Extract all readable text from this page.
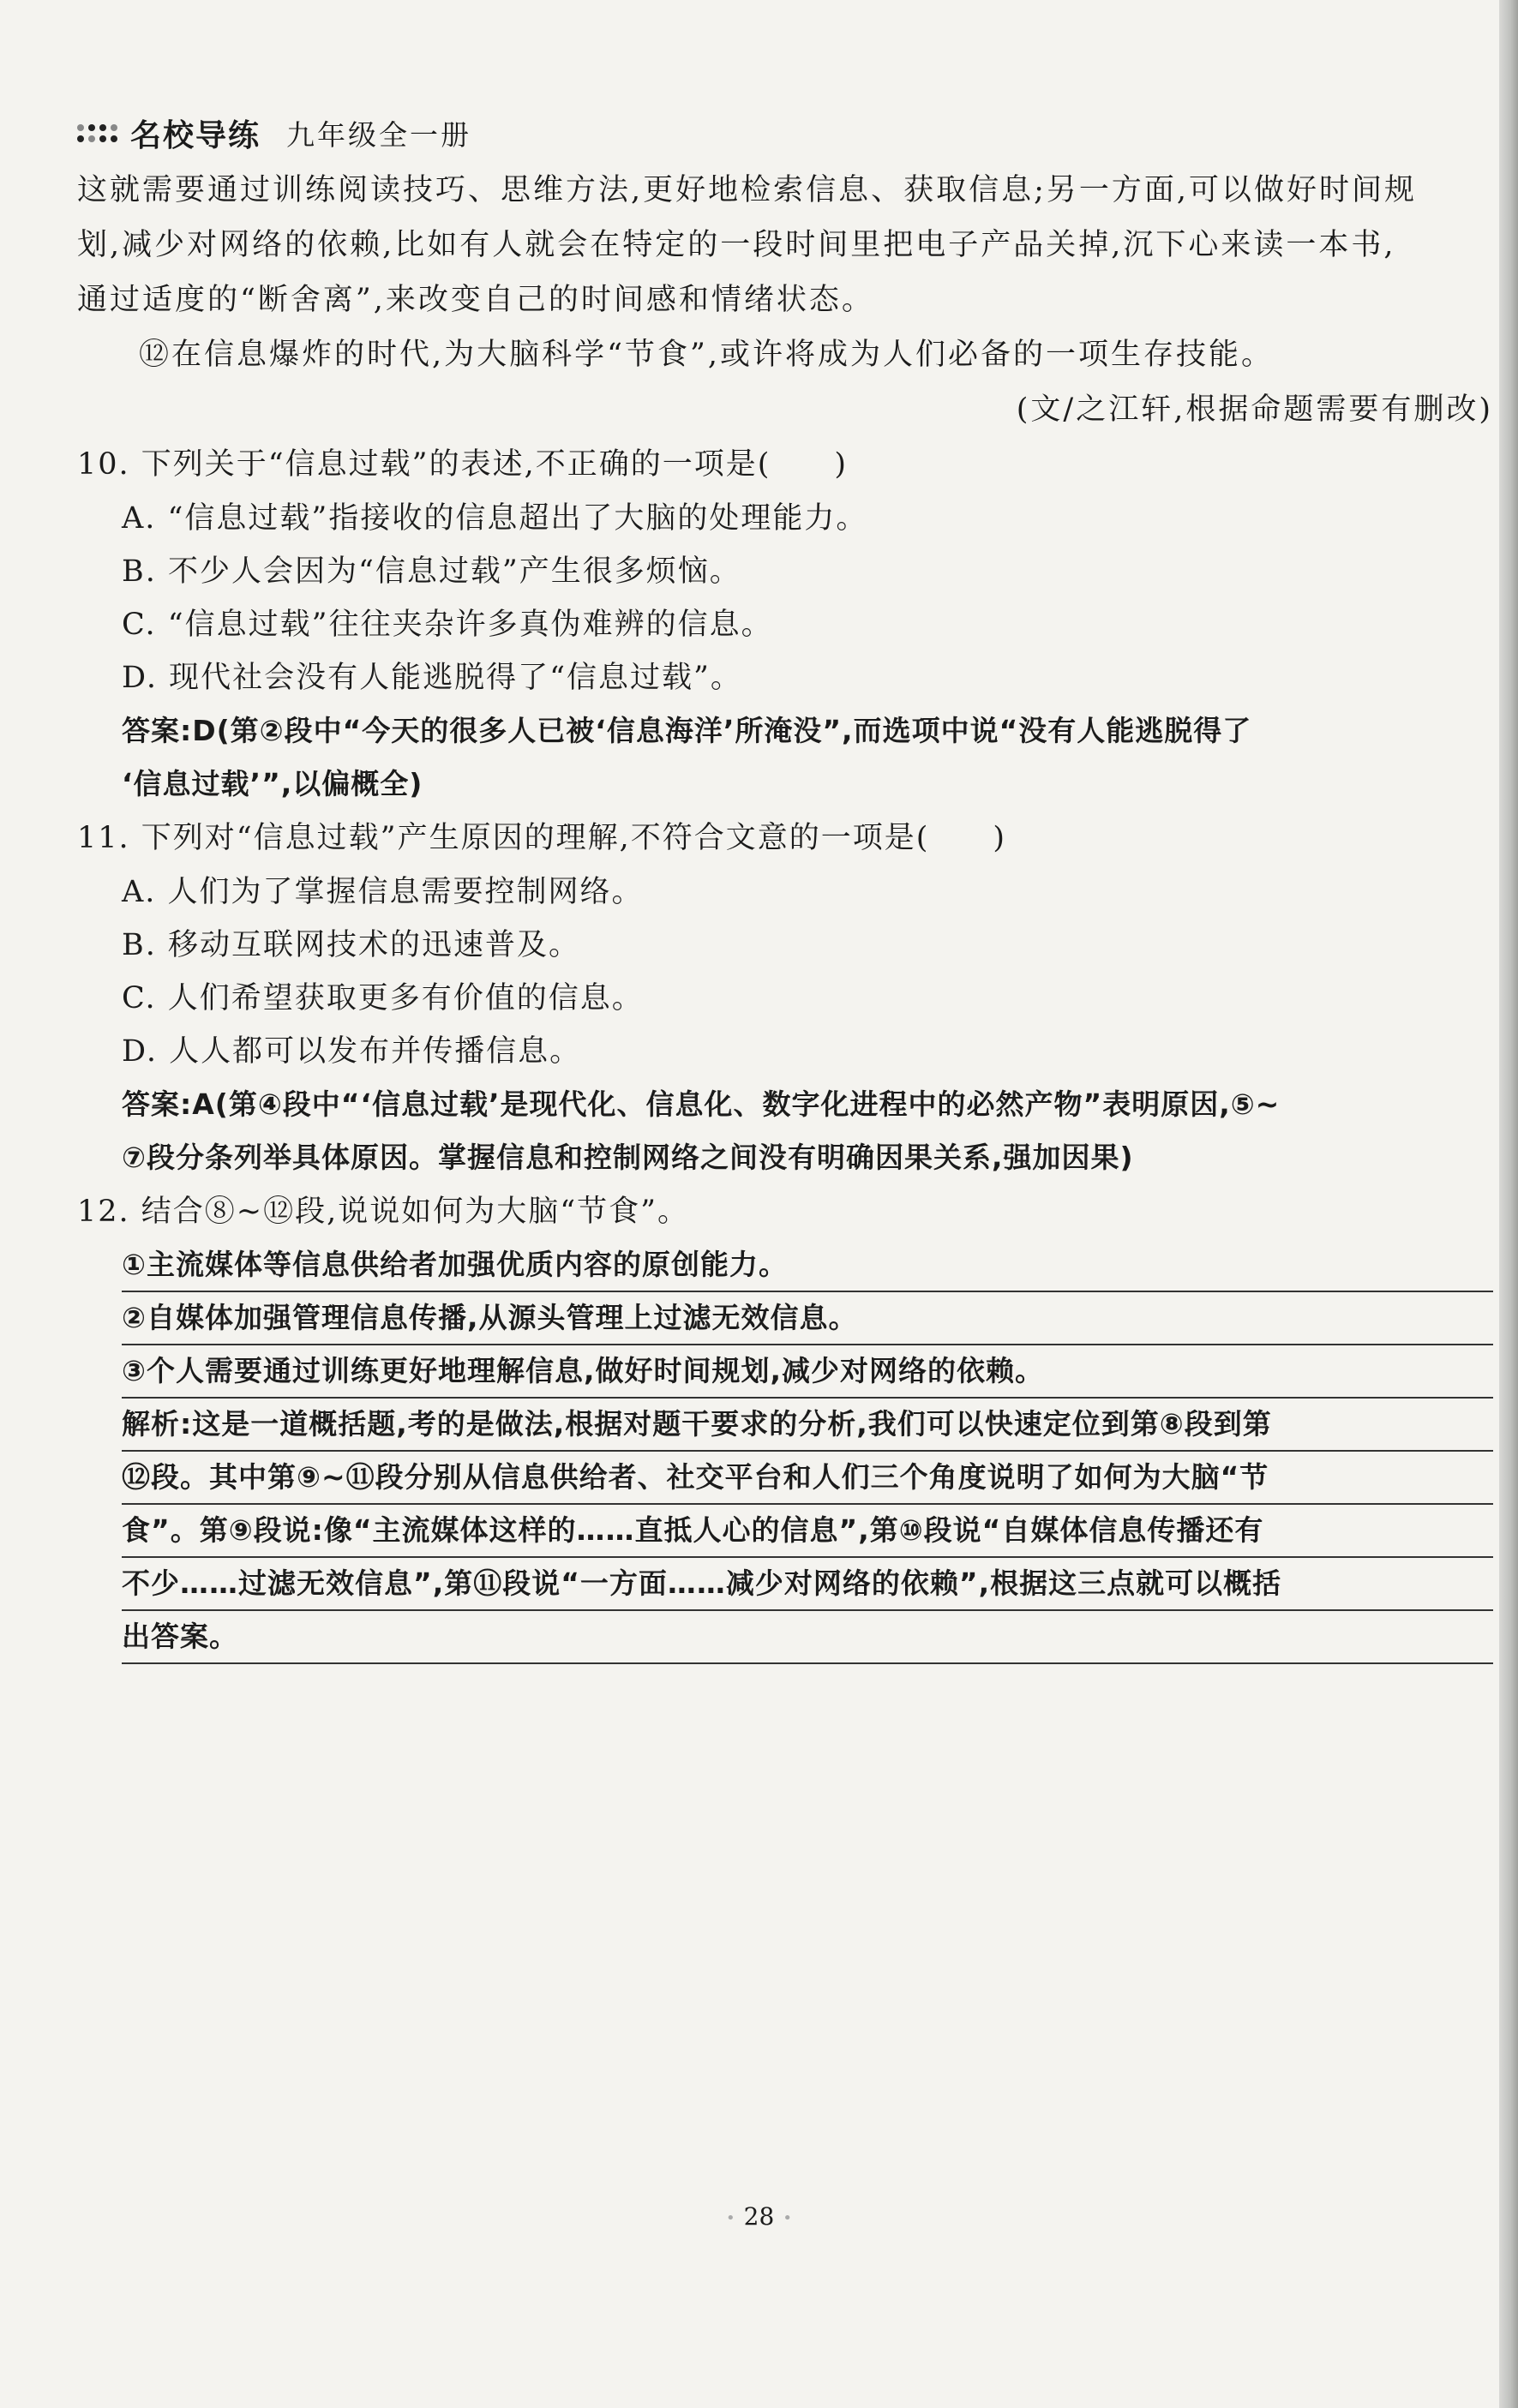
名校导练 九年级全一册

这就需要通过训练阅读技巧、思维方法,更好地检索信息、获取信息;另一方面,可以做好时间规

划,减少对网络的依赖,比如有人就会在特定的一段时间里把电子产品关掉,沉下心来读一本书,

通过适度的“断舍离”,来改变自己的时间感和情绪状态。

⑫在信息爆炸的时代,为大脑科学“节食”,或许将成为人们必备的一项生存技能。

(文/之江轩,根据命题需要有删改)

10. 下列关于“信息过载”的表述,不正确的一项是(　　)

A. “信息过载”指接收的信息超出了大脑的处理能力。

B. 不少人会因为“信息过载”产生很多烦恼。

C. “信息过载”往往夹杂许多真伪难辨的信息。

D. 现代社会没有人能逃脱得了“信息过载”。

答案:D(第②段中“今天的很多人已被‘信息海洋’所淹没”,而选项中说“没有人能逃脱得了
‘信息过载’”,以偏概全)

11. 下列对“信息过载”产生原因的理解,不符合文意的一项是(　　)

A. 人们为了掌握信息需要控制网络。

B. 移动互联网技术的迅速普及。

C. 人们希望获取更多有价值的信息。

D. 人人都可以发布并传播信息。

答案:A(第④段中“‘信息过载’是现代化、信息化、数字化进程中的必然产物”表明原因,⑤~
⑦段分条列举具体原因。掌握信息和控制网络之间没有明确因果关系,强加因果)

12. 结合⑧~⑫段,说说如何为大脑“节食”。

①主流媒体等信息供给者加强优质内容的原创能力。
②自媒体加强管理信息传播,从源头管理上过滤无效信息。
③个人需要通过训练更好地理解信息,做好时间规划,减少对网络的依赖。
解析:这是一道概括题,考的是做法,根据对题干要求的分析,我们可以快速定位到第⑧段到第
⑫段。其中第⑨~⑪段分别从信息供给者、社交平台和人们三个角度说明了如何为大脑“节
食”。第⑨段说:像“主流媒体这样的……直抵人心的信息”,第⑩段说“自媒体信息传播还有
不少……过滤无效信息”,第⑪段说“一方面……减少对网络的依赖”,根据这三点就可以概括
出答案。
• 28 •
